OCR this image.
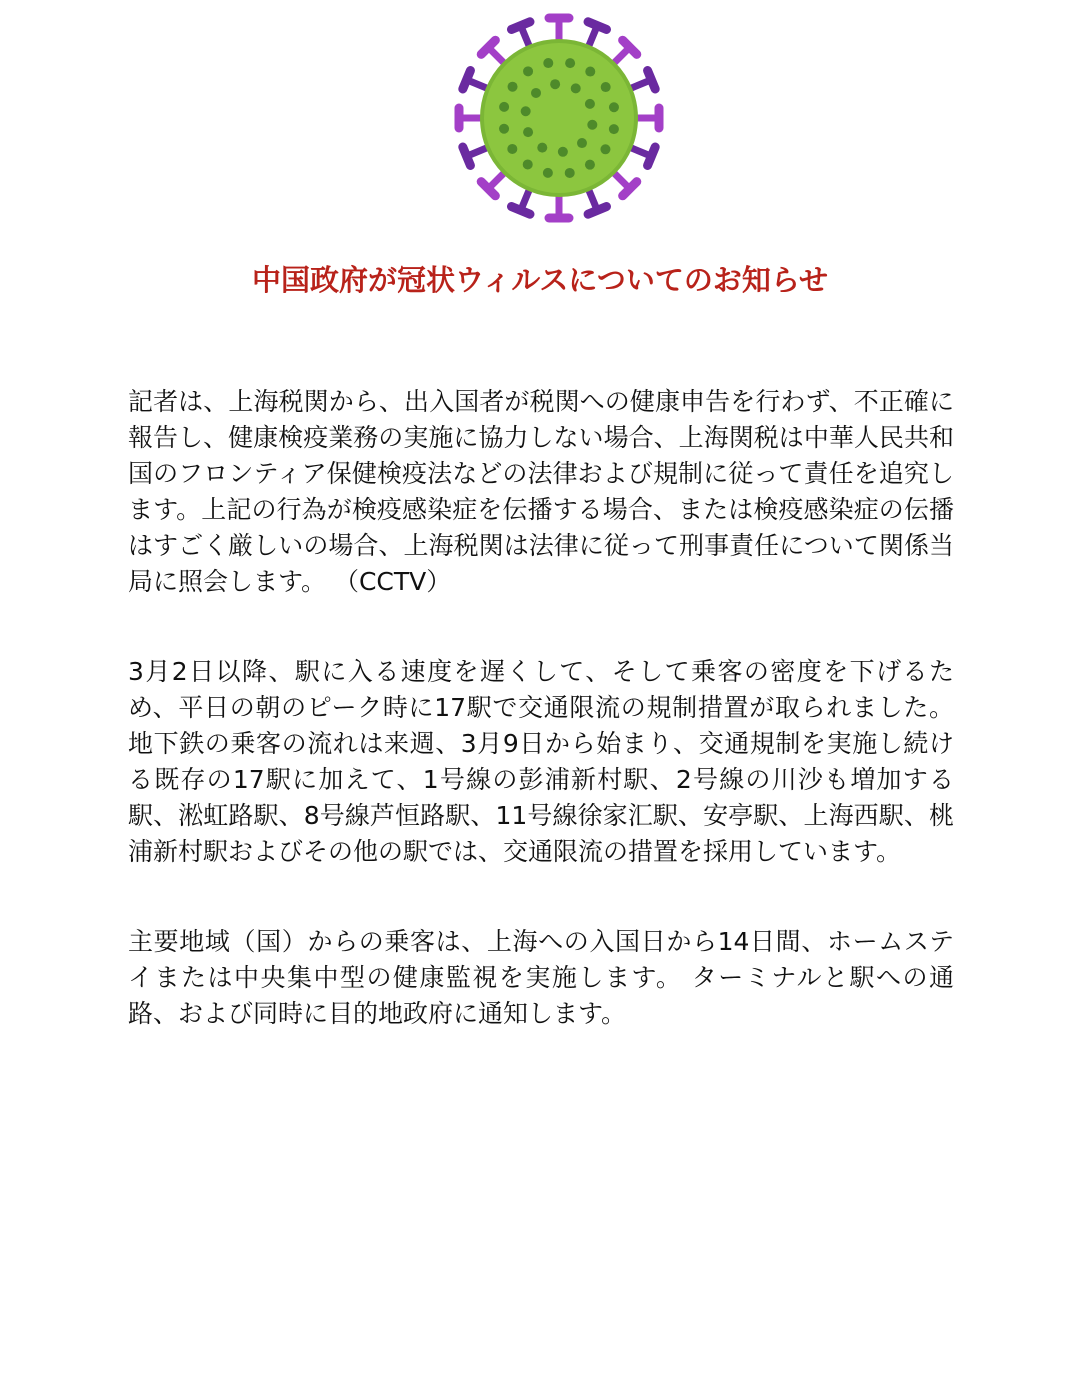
中国政府が冠状ウィルスについてのお知らせ

記者は、上海税関から、出入国者が税関への健康申告を行わず、不正確に報告し、健康検疫業務の実施に協力しない場合、上海関税は中華人民共和国のフロンティア保健検疫法などの法律および規制に従って責任を追究します。上記の行為が検疫感染症を伝播する場合、または検疫感染症の伝播はすごく厳しいの場合、上海税関は法律に従って刑事責任について関係当局に照会します。 （CCTV）

3月2日以降、駅に入る速度を遅くして、そして乗客の密度を下げるため、平日の朝のピーク時に17駅で交通限流の規制措置が取られました。 地下鉄の乗客の流れは来週、3月9日から始まり、交通規制を実施し続ける既存の17駅に加えて、1号線の彭浦新村駅、2号線の川沙も増加する 駅、淞虹路駅、8号線芦恒路駅、11号線徐家汇駅、安亭駅、上海西駅、桃浦新村駅およびその他の駅では、交通限流の措置を採用しています。

主要地域（国）からの乗客は、上海への入国日から14日間、ホームステイまたは中央集中型の健康監視を実施します。 ターミナルと駅への通路、および同時に目的地政府に通知します。
